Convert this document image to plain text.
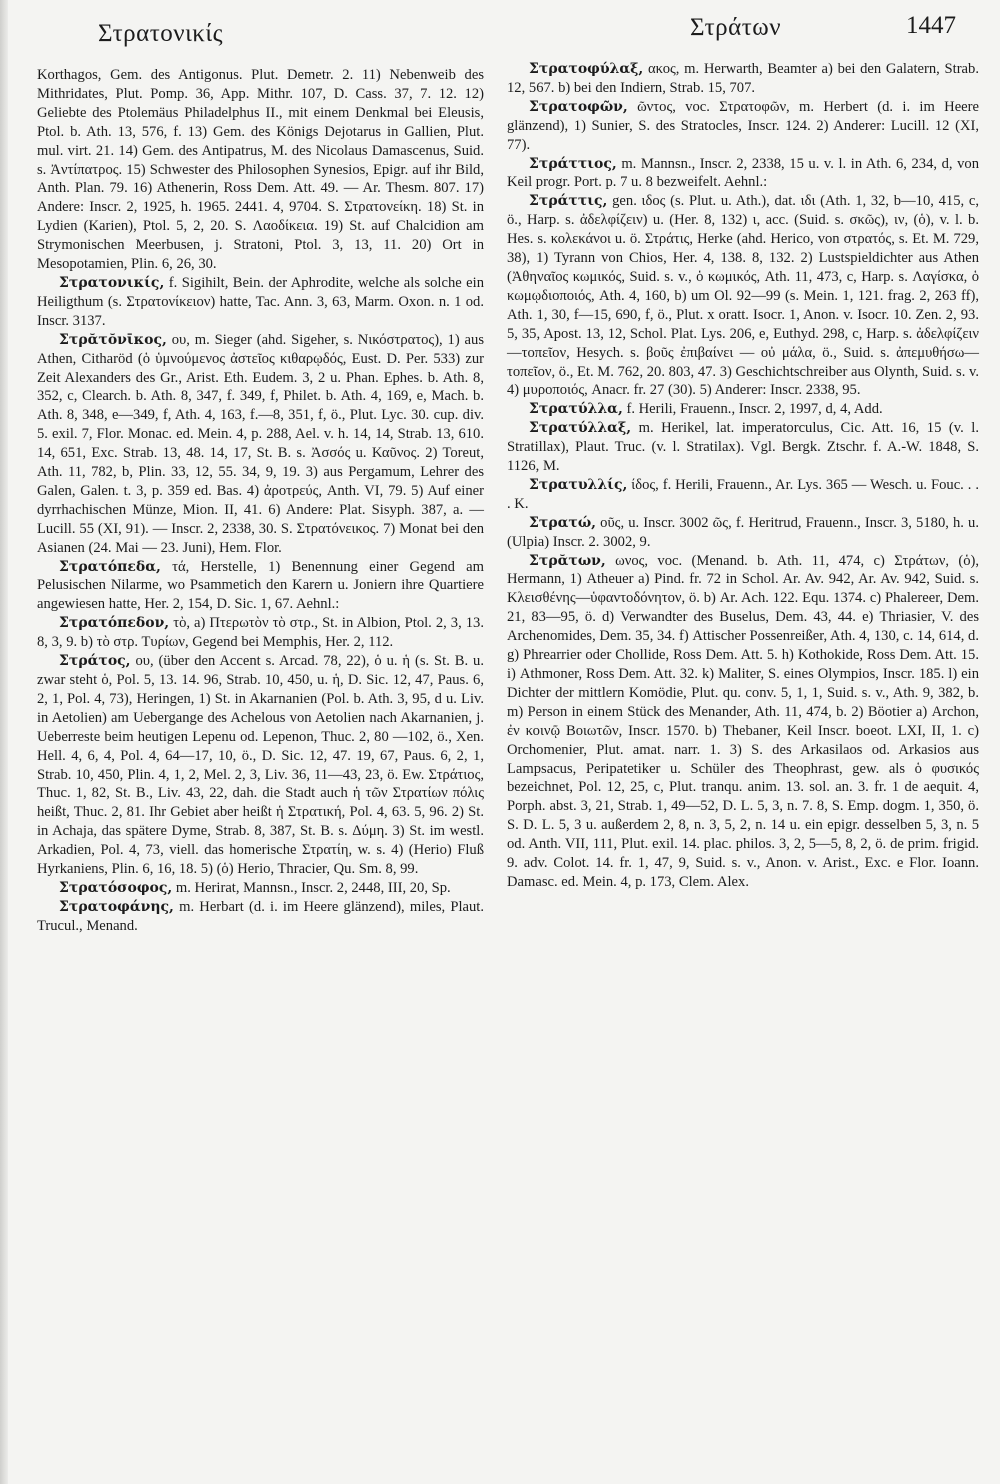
Στρατονικίς	Στράτων	1447

Korthagos, Gem. des Antigonus. Plut. Demetr. 2. 11) Nebenweib des Mithridates, Plut. Pomp. 36, App. Mithr. 107, D. Cass. 37, 7. 12. 12) Geliebte des Ptolemäus Philadelphus II., mit einem Denkmal bei Eleusis, Ptol. b. Ath. 13, 576, f. 13) Gem. des Königs Dejotarus in Gallien, Plut. mul. virt. 21. 14) Gem. des Antipatrus, M. des Nicolaus Damascenus, Suid. s. Ἀντίπατρος. 15) Schwester des Philosophen Synesios, Epigr. auf ihr Bild, Anth. Plan. 79. 16) Athenerin, Ross Dem. Att. 49. — Ar. Thesm. 807. 17) Andere: Inscr. 2, 1925, h. 1965. 2441. 4, 9704. S. Στρατονείκη. 18) St. in Lydien (Karien), Ptol. 5, 2, 20. S. Λαοδίκεια. 19) St. auf Chalcidion am Strymonischen Meerbusen, j. Stratoni, Ptol. 3, 13, 11. 20) Ort in Mesopotamien, Plin. 6, 26, 30.

Στρατονικίς, f. Sigihilt, Bein. der Aphrodite, welche als solche ein Heiligthum (s. Στρατονίκειον) hatte, Tac. Ann. 3, 63, Marm. Oxon. n. 1 od. Inscr. 3137.

Στρᾰτŏνῑκος, ου, m. Sieger (ahd. Sigeher, s. Νικόστρατος), 1) aus Athen, Citharöd (ὁ ὑμνούμενος ἀστεῖος κιθαρῳδός, Eust. D. Per. 533) zur Zeit Alexanders des Gr., Arist. Eth. Eudem. 3, 2 u. Phan. Ephes. b. Ath. 8, 352, c, Clearch. b. Ath. 8, 347, f. 349, f, Philet. b. Ath. 4, 169, e, Mach. b. Ath. 8, 348, e—349, f, Ath. 4, 163, f.—8, 351, f, ö., Plut. Lyc. 30. cup. div. 5. exil. 7, Flor. Monac. ed. Mein. 4, p. 288, Ael. v. h. 14, 14, Strab. 13, 610. 14, 651, Exc. Strab. 13, 48. 14, 17, St. B. s. Ἀσσός u. Καῦνος. 2) Toreut, Ath. 11, 782, b, Plin. 33, 12, 55. 34, 9, 19. 3) aus Pergamum, Lehrer des Galen, Galen. t. 3, p. 359 ed. Bas. 4) ἀροτρεύς, Anth. VI, 79. 5) Auf einer dyrrhachischen Münze, Mion. II, 41. 6) Andere: Plat. Sisyph. 387, a. — Lucill. 55 (XI, 91). — Inscr. 2, 2338, 30. S. Στρατόνεικος. 7) Monat bei den Asianen (24. Mai — 23. Juni), Hem. Flor.

Στρατόπεδα, τά, Herstelle, 1) Benennung einer Gegend am Pelusischen Nilarme, wo Psammetich den Karern u. Joniern ihre Quartiere angewiesen hatte, Her. 2, 154, D. Sic. 1, 67. Aehnl.:

Στρατόπεδον, τὸ, a) Πτερωτὸν τὸ στρ., St. in Albion, Ptol. 2, 3, 13. 8, 3, 9. b) τὸ στρ. Τυρίων, Gegend bei Memphis, Her. 2, 112.

Στράτος, ου, (über den Accent s. Arcad. 78, 22), ὁ u. ἡ (s. St. B. u. zwar steht ὁ, Pol. 5, 13. 14. 96, Strab. 10, 450, u. ἡ, D. Sic. 12, 47, Paus. 6, 2, 1, Pol. 4, 73), Heringen, 1) St. in Akarnanien (Pol. b. Ath. 3, 95, d u. Liv. in Aetolien) am Uebergange des Achelous von Aetolien nach Akarnanien, j. Ueberreste beim heutigen Lepenu od. Lepenon, Thuc. 2, 80 —102, ö., Xen. Hell. 4, 6, 4, Pol. 4, 64—17, 10, ö., D. Sic. 12, 47. 19, 67, Paus. 6, 2, 1, Strab. 10, 450, Plin. 4, 1, 2, Mel. 2, 3, Liv. 36, 11—43, 23, ö. Ew. Στράτιος, Thuc. 1, 82, St. B., Liv. 43, 22, dah. die Stadt auch ἡ τῶν Στρατίων πόλις heißt, Thuc. 2, 81. Ihr Gebiet aber heißt ἡ Στρατική, Pol. 4, 63. 5, 96. 2) St. in Achaja, das spätere Dyme, Strab. 8, 387, St. B. s. Δύμη. 3) St. im westl. Arkadien, Pol. 4, 73, viell. das homerische Στρατίη, w. s. 4) (Herio) Fluß Hyrkaniens, Plin. 6, 16, 18. 5) (ὁ) Herio, Thracier, Qu. Sm. 8, 99.

Στρατόσοφος, m. Herirat, Mannsn., Inscr. 2, 2448, III, 20, Sp.

Στρατοφάνης, m. Herbart (d. i. im Heere glänzend), miles, Plaut. Trucul., Menand.

Στρατοφύλαξ, ακος, m. Herwarth, Beamter a) bei den Galatern, Strab. 12, 567. b) bei den Indiern, Strab. 15, 707.

Στρατοφῶν, ῶντος, voc. Στρατοφῶν, m. Herbert (d. i. im Heere glänzend), 1) Sunier, S. des Stratocles, Inscr. 124. 2) Anderer: Lucill. 12 (XI, 77).

Στράττιος, m. Mannsn., Inscr. 2, 2338, 15 u. v. l. in Ath. 6, 234, d, von Keil progr. Port. p. 7 u. 8 bezweifelt. Aehnl.:

Στράττις, gen. ιδος (s. Plut. u. Ath.), dat. ιδι (Ath. 1, 32, b—10, 415, c, ö., Harp. s. ἀδελφίζειν) u. (Her. 8, 132) ι, acc. (Suid. s. σκῶς), ιν, (ὁ), v. l. b. Hes. s. κολεκάνοι u. ö. Στράτις, Herke (ahd. Herico, von στρατός, s. Et. M. 729, 38), 1) Tyrann von Chios, Her. 4, 138. 8, 132. 2) Lustspieldichter aus Athen (Ἀθηναῖος κωμικός, Suid. s. v., ὁ κωμικός, Ath. 11, 473, c, Harp. s. Λαγίσκα, ὁ κωμῳδιοποιός, Ath. 4, 160, b) um Ol. 92—99 (s. Mein. 1, 121. frag. 2, 263 ff), Ath. 1, 30, f—15, 690, f, ö., Plut. x oratt. Isocr. 1, Anon. v. Isocr. 10. Zen. 2, 93. 5, 35, Apost. 13, 12, Schol. Plat. Lys. 206, e, Euthyd. 298, c, Harp. s. ἀδελφίζειν—τοπεῖον, Hesych. s. βοῦς ἐπιβαίνει — οὐ μάλα, ö., Suid. s. ἀπεμυθήσω—τοπεῖον, ö., Et. M. 762, 20. 803, 47. 3) Geschichtschreiber aus Olynth, Suid. s. v. 4) μυροποιός, Anacr. fr. 27 (30). 5) Anderer: Inscr. 2338, 95.

Στρατύλλα, f. Herili, Frauenn., Inscr. 2, 1997, d, 4, Add.

Στρατύλλαξ, m. Herikel, lat. imperatorculus, Cic. Att. 16, 15 (v. l. Stratillax), Plaut. Truc. (v. l. Stratilax). Vgl. Bergk. Ztschr. f. A.-W. 1848, S. 1126, M.

Στρατυλλίς, ίδος, f. Herili, Frauenn., Ar. Lys. 365 — Wesch. u. Fouc. . . . K.

Στρατώ, οῦς, u. Inscr. 3002 ῶς, f. Heritrud, Frauenn., Inscr. 3, 5180, h. u. (Ulpia) Inscr. 2. 3002, 9.

Στρᾰτων, ωνος, voc. (Menand. b. Ath. 11, 474, c) Στράτων, (ὁ), Hermann, 1) Atheuer a) Pind. fr. 72 in Schol. Ar. Av. 942, Ar. Av. 942, Suid. s. Κλεισθένης—ὑφαντοδόνητον, ö. b) Ar. Ach. 122. Equ. 1374. c) Phalereer, Dem. 21, 83—95, ö. d) Verwandter des Buselus, Dem. 43, 44. e) Thriasier, V. des Archenomides, Dem. 35, 34. f) Attischer Possenreißer, Ath. 4, 130, c. 14, 614, d. g) Phrearrier oder Chollide, Ross Dem. Att. 5. h) Kothokide, Ross Dem. Att. 15. i) Athmoner, Ross Dem. Att. 32. k) Maliter, S. eines Olympios, Inscr. 185. l) ein Dichter der mittlern Komödie, Plut. qu. conv. 5, 1, 1, Suid. s. v., Ath. 9, 382, b. m) Person in einem Stück des Menander, Ath. 11, 474, b. 2) Böotier a) Archon, ἐν κοινῷ Βοιωτῶν, Inscr. 1570. b) Thebaner, Keil Inscr. boeot. LXI, II, 1. c) Orchomenier, Plut. amat. narr. 1. 3) S. des Arkasilaos od. Arkasios aus Lampsacus, Peripatetiker u. Schüler des Theophrast, gew. als ὁ φυσικός bezeichnet, Pol. 12, 25, c, Plut. tranqu. anim. 13. sol. an. 3. fr. 1 de aequit. 4, Porph. abst. 3, 21, Strab. 1, 49—52, D. L. 5, 3, n. 7. 8, S. Emp. dogm. 1, 350, ö. S. D. L. 5, 3 u. außerdem 2, 8, n. 3, 5, 2, n. 14 u. ein epigr. desselben 5, 3, n. 5 od. Anth. VII, 111, Plut. exil. 14. plac. philos. 3, 2, 5—5, 8, 2, ö. de prim. frigid. 9. adv. Colot. 14. fr. 1, 47, 9, Suid. s. v., Anon. v. Arist., Exc. e Flor. Ioann. Damasc. ed. Mein. 4, p. 173, Clem. Alex.
